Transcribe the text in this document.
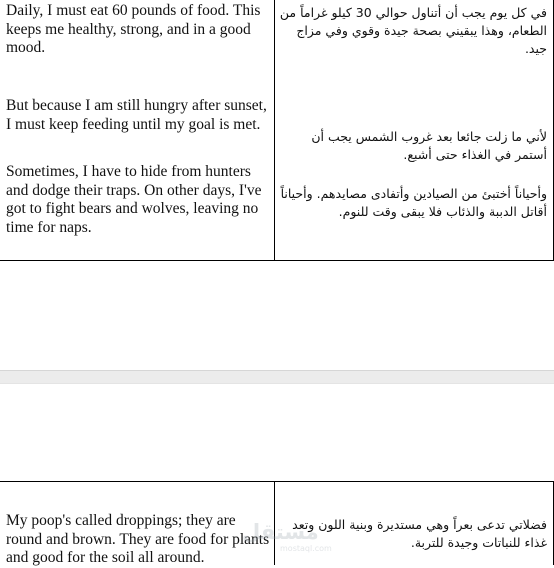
Daily, I must eat 60 pounds of food. This keeps me healthy, strong, and in a good mood.

But because I am still hungry after sunset, I must keep feeding until my goal is met.

Sometimes, I have to hide from hunters and dodge their traps. On other days, I've got to fight bears and wolves, leaving no time for naps.

في كل يوم يجب أن أتناول حوالي 30 كيلو غراماً من الطعام، وهذا يبقيني بصحة جيدة وقوي وفي مزاج جيد.

لأني ما زلت جائعا بعد غروب الشمس يجب أن أستمر في الغذاء حتى أشبع.

وأحياناً أختبئ من الصيادين وأتفادى مصايدهم. وأحياناً أقاتل الدببة والذئاب فلا يبقى وقت للنوم.

My poop's called droppings; they are round and brown. They are food for plants and good for the soil all around.

فضلاتي تدعى بعراً وهي مستديرة وبنية اللون وتعد غذاء للنباتات وجيدة للتربة.

مستقل
mostaql.com
